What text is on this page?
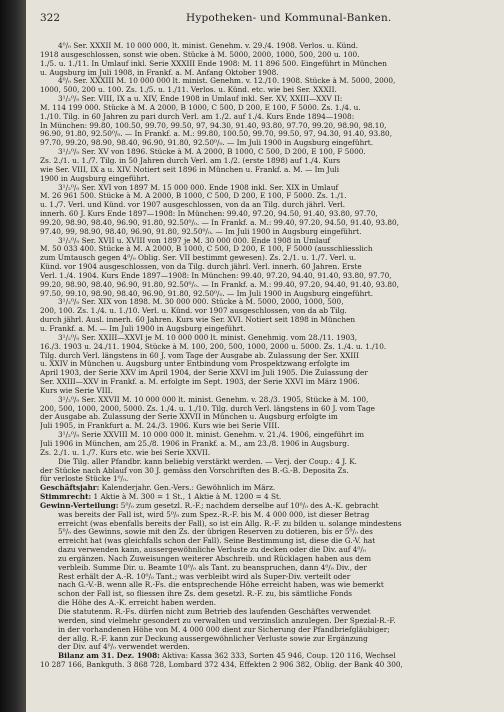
322	Hypotheken- und Kommunal-Banken.
4⁰/₀ Ser. XXXII M. 10 000 000, lt. minist. Genehm. v. 29./4. 1908. Verlos. u. Künd.
1918 ausgeschlossen, sonst wie oben. Stücke à M. 5000, 2000, 1000, 500, 200 u. 100.
1./5. u. 1./11. In Umlauf inkl. Serie XXXIII Ende 1908: M. 11 896 500. Eingeführt in München
u. Augsburg im Juli 1908, in Frankf. a. M. Anfang Oktober 1908.
4⁰/₀ Ser. XXXIII M. 10 000 000 lt. minist. Genehm. v. 12./10. 1908. Stücke à M. 5000, 2000,
1000, 500, 200 u. 100. Zs. 1./5. u. 1./11. Verlos. u. Künd. etc. wie bei Ser. XXXII.
3¹/₂⁰/₀ Ser. VIII, IX a u. XIV, Ende 1908 in Umlauf inkl. Ser. XV, XXIII—XXV II:
M. 114 199 000. Stücke à M. A 2000, B 1000, C 500, D 200, E 100, F 5000. Zs. 1./4. u.
1./10. Tilg. in 60 Jahren zu pari durch Verl. am 1./2. auf 1./4. Kurs Ende 1894—1908:
In München: 99.80, 100.50, 99.70, 99.50, 97, 94.30, 91.40, 93.80, 97.70, 99.20, 98.90, 98.10,
96.90, 91.80, 92.50⁰/₀. — In Frankf. a. M.: 99.80, 100.50, 99.70, 99.50, 97, 94.30, 91.40, 93.80,
97.70, 99.20, 98.90, 98.40, 96.90, 91.80, 92.50⁰/₀. — Im Juli 1900 in Augsburg eingeführt.
3¹/₂⁰/₀ Ser. XV von 1896. Stücke à M. A 2000, B 1000, C 500, D 200, E 100, F 5000.
Zs. 2./1. u. 1./7. Tilg. in 50 Jahren durch Verl. am 1./2. (erste 1898) auf 1./4. Kurs
wie Ser. VIII, IX a u. XIV. Notiert seit 1896 in München u. Frankf. a. M. — Im Juli
1900 in Augsburg eingeführt.
3¹/₂⁰/₀ Ser. XVI von 1897 M. 15 000 000. Ende 1908 inkl. Ser. XIX in Umlauf
M. 26 961 500. Stücke à M. A 2000, B 1000, C 500, D 200, E 100, F 5000. Zs. 1./1.
u. 1./7. Verl. und Künd. vor 1907 ausgeschlossen, von da an Tilg. durch jährl. Verl.
innerh. 60 J. Kurs Ende 1897—1908: In München: 99.40, 97.20, 94.50, 91.40, 93.80, 97.70,
99.20, 98.90, 98.40, 96.90, 91.80, 92.50⁰/₀. — In Frankf. a. M.: 99.40, 97.20, 94.50, 91.40, 93.80,
97.40, 99, 98.90, 98.40, 96.90, 91.80, 92.50⁰/₀. — Im Juli 1900 in Augsburg eingeführt.
3¹/₂⁰/₀ Ser. XVII u. XVIII von 1897 je M. 30 000 000. Ende 1908 in Umlauf
M. 50 033 400. Stücke à M. A 2000, B 1000, C 500, D 200, E 100, F 5000 (ausschliesslich
zum Umtausch gegen 4⁰/₀ Oblig. Ser. VII bestimmt gewesen). Zs. 2./1. u. 1./7. Verl. u.
Künd. vor 1904 ausgeschlossen, von da Tilg. durch jährl. Verl. innerh. 60 Jahren. Erste
Verl. 1./4. 1904. Kurs Ende 1897—1908: In München: 99.40, 97.20, 94.40, 91.40, 93.80, 97.70,
99.20, 98.90, 98.40, 96.90, 91.80, 92.50⁰/₀. — In Frankf. a. M.: 99.40, 97.20, 94.40, 91.40, 93.80,
97.50, 99.10, 98.90, 98.40, 96.90, 91.80, 92.50⁰/₀. — Im Juli 1900 in Augsburg eingeführt.
3¹/₂⁰/₀ Ser. XIX von 1898. M. 30 000 000. Stücke à M. 5000, 2000, 1000, 500,
200, 100. Zs. 1./4. u. 1./10. Verl. u. Künd. vor 1907 ausgeschlossen, von da ab Tilg.
durch jährl. Ausl. innerh. 60 Jahren. Kurs wie Ser. XVI. Notiert seit 1898 in München
u. Frankf. a. M. — Im Juli 1900 in Augsburg eingeführt.
3¹/₂⁰/₀ Ser. XXIII—XXVI je M. 10 000 000 lt. minist. Genehmig. vom 28./11. 1903,
16./3. 1903 u. 24./11. 1904, Stücke à M. 100, 200, 500, 1000, 2000 u. 5000. Zs. 1./4. u. 1./10.
Tilg. durch Verl. längstens in 60 J. vom Tage der Ausgabe ab. Zulassung der Ser. XXIII
u. XXIV in München u. Augsburg unter Entbindung vom Prospektzwang erfolgte im
April 1903, der Serie XXV im April 1904, der Serie XXVI im Juli 1905. Die Zulassung der
Ser. XXIII—XXV in Frankf. a. M. erfolgte im Sept. 1903, der Serie XXVI im März 1906.
Kurs wie Serie VIII.
3¹/₂⁰/₀ Ser. XXVII M. 10 000 000 lt. minist. Genehm. v. 28./3. 1905, Stücke à M. 100,
200, 500, 1000, 2000, 5000. Zs. 1./4. u. 1./10. Tilg. durch Verl. längstens in 60 J. vom Tage
der Ausgabe ab. Zulassung der Serie XXVII in München u. Augsburg erfolgte im
Juli 1905, in Frankfurt a. M. 24./3. 1906. Kurs wie bei Serie VIII.
3¹/₂⁰/₀ Serie XXVIII M. 10 000 000 lt. minist. Genehm. v. 21./4. 1906, eingeführt im
Juli 1906 in München, am 25./8. 1906 in Frankf. a. M., am 23./8. 1906 in Augsburg.
Zs. 2./1. u. 1./7. Kurs etc. wie bei Serie XXVII.
Die Tilg. aller Pfandbr. kann beliebig verstärkt werden. — Verj. der Coup.: 4 J. K.
der Stücke nach Ablauf von 30 J. gemäss den Vorschriften des B.-G.-B. Deposita Zs.
für verloste Stücke 1⁰/₀.
Geschäftsjahr: Kalenderjahr. Gen.-Vers.: Gewöhnlich im März.
Stimmrecht: 1 Aktie à M. 300 = 1 St., 1 Aktie à M. 1200 = 4 St.
Gewinn-Verteilung: 5⁰/₀ zum gesetzl. R.-F.; nachdem derselbe auf 10⁰/₀ des A.-K. gebracht
was bereits der Fall ist, wird 5⁰/₀ zum Spez.-R.-F. bis M. 4 000 000, ist dieser Betrag
erreicht (was ebenfalls bereits der Fall), so ist ein Allg. R.-F. zu bilden u. solange mindestens
5⁰/₀ des Gewinns, sowie mit den Zs. der übrigen Reserven zu dotieren, bis er 5⁰/₀ des
erreicht hat (was gleichfalls schon der Fall). Seine Bestimmung ist, diese die G.-V. hat
dazu verwenden kann, aussergewöhnliche Verluste zu decken oder die Div. auf 4⁰/₀
zu ergänzen. Nach Zuweisungen weiterer Abschreib. und Rücklagen haben aus dem
verbleib. Summe Dir. u. Beamte 10⁰/₀ als Tant. zu beanspruchen, dann 4⁰/₀ Div., der
Rest erhält der A.-R. 10⁰/₀ Tant.; was verbleibt wird als Super-Div. verteilt oder
nach G.-V.-B. wenn alle R.-Fs. die entsprechende Höhe erreicht haben, was wie bemerkt
schon der Fall ist, so fliessen ihre Zs. dem gesetzl. R.-F. zu, bis sämtliche Fonds
die Höhe des A.-K. erreicht haben werden.
Die statutenm. R.-Fs. dürfen nicht zum Betrieb des laufenden Geschäftes verwendet
werden, sind vielmehr gesondert zu verwalten und verzinslich anzulegen. Der Spezial-R.-F.
in der vorhandenen Höhe von M. 4 000 000 dient zur Sicherung der Pfandbriefgläubiger;
der allg. R.-F. kann zur Deckung aussergewöhnlicher Verluste sowie zur Ergänzung
der Div. auf 4⁰/₀ verwendet werden.
Bilanz am 31. Dez. 1908: Aktiva: Kassa 362 333, Sorten 45 946, Coup. 120 116, Wechsel
10 287 166, Bankguth. 3 868 728, Lombard 372 434, Effekten 2 906 382, Oblig. der Bank 40 300,
